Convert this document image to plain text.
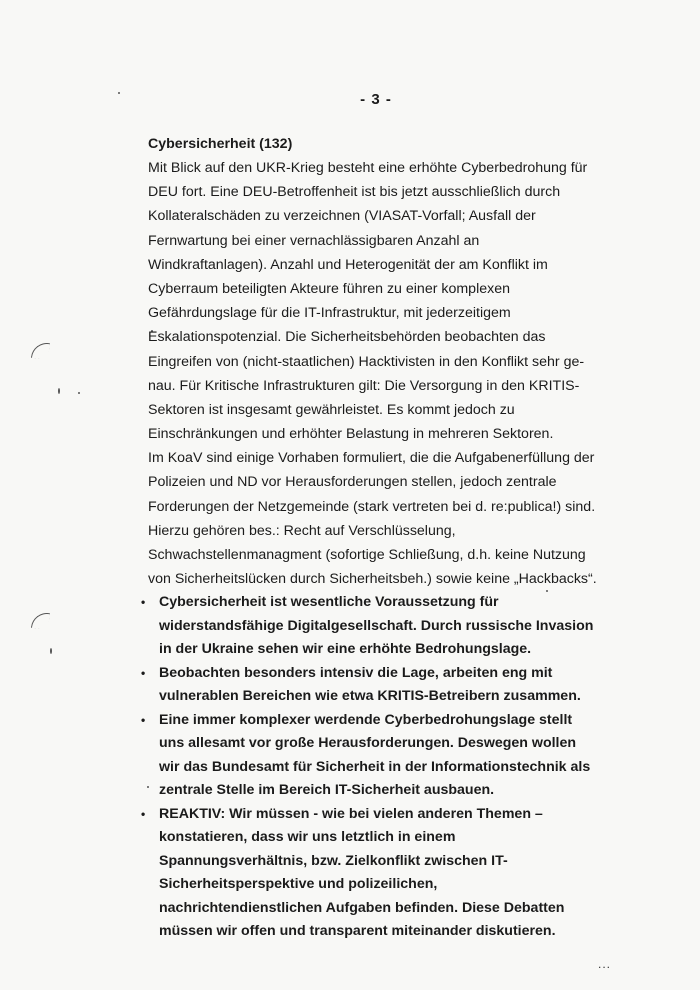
- 3 -
Cybersicherheit (132)
Mit Blick auf den UKR-Krieg besteht eine erhöhte Cyberbedrohung für
DEU fort. Eine DEU-Betroffenheit ist bis jetzt ausschließlich durch
Kollateralschäden zu verzeichnen (VIASAT-Vorfall; Ausfall der
Fernwartung bei einer vernachlässigbaren Anzahl an
Windkraftanlagen). Anzahl und Heterogenität der am Konflikt im
Cyberraum beteiligten Akteure führen zu einer komplexen
Gefährdungslage für die IT-Infrastruktur, mit jederzeitigem
Eskalationspotenzial. Die Sicherheitsbehörden beobachten das
Eingreifen von (nicht-staatlichen) Hacktivisten in den Konflikt sehr ge-
nau. Für Kritische Infrastrukturen gilt: Die Versorgung in den KRITIS-
Sektoren ist insgesamt gewährleistet. Es kommt jedoch zu
Einschränkungen und erhöhter Belastung in mehreren Sektoren.
Im KoaV sind einige Vorhaben formuliert, die die Aufgabenerfüllung der
Polizeien und ND vor Herausforderungen stellen, jedoch zentrale
Forderungen der Netzgemeinde (stark vertreten bei d. re:publica!) sind.
Hierzu gehören bes.: Recht auf Verschlüsselung,
Schwachstellenmanagment (sofortige Schließung, d.h. keine Nutzung
von Sicherheitslücken durch Sicherheitsbeh.) sowie keine „Hackbacks“.
• Cybersicherheit ist wesentliche Voraussetzung für
widerstandsfähige Digitalgesellschaft. Durch russische Invasion
in der Ukraine sehen wir eine erhöhte Bedrohungslage.
• Beobachten besonders intensiv die Lage, arbeiten eng mit
vulnerablen Bereichen wie etwa KRITIS-Betreibern zusammen.
• Eine immer komplexer werdende Cyberbedrohungslage stellt
uns allesamt vor große Herausforderungen. Deswegen wollen
wir das Bundesamt für Sicherheit in der Informationstechnik als
zentrale Stelle im Bereich IT-Sicherheit ausbauen.
• REAKTIV: Wir müssen - wie bei vielen anderen Themen –
konstatieren, dass wir uns letztlich in einem
Spannungsverhältnis, bzw. Zielkonflikt zwischen IT-
Sicherheitsperspektive und polizeilichen,
nachrichtendienstlichen Aufgaben befinden. Diese Debatten
müssen wir offen und transparent miteinander diskutieren.
...
